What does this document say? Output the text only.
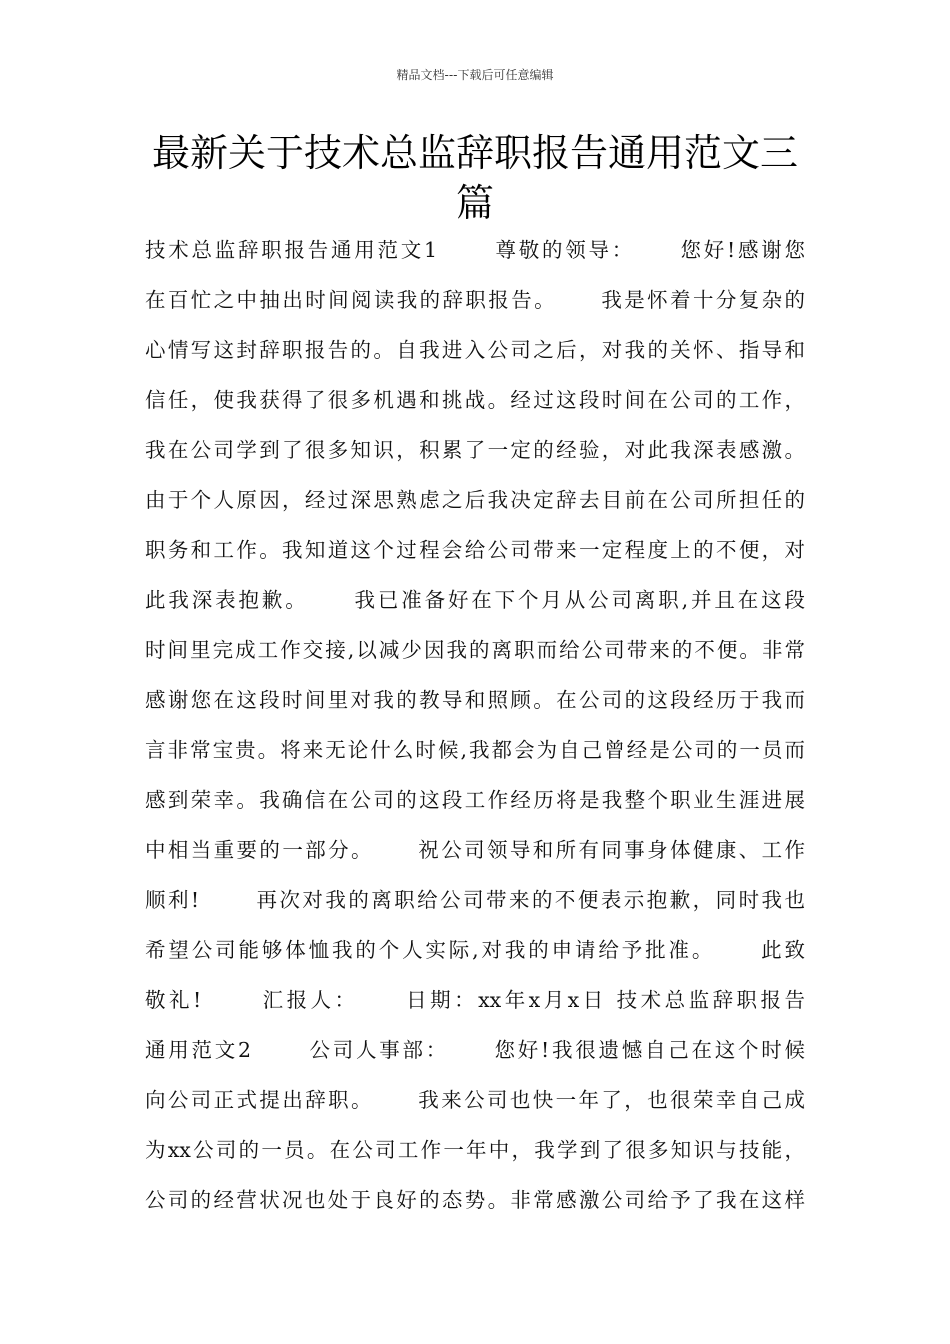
精品文档---下载后可任意编辑
最新关于技术总监辞职报告通用范文三篇
技术总监辞职报告通用范文1　　 尊敬的领导：　　 您好!感谢您
在百忙之中抽出时间阅读我的辞职报告。　　 我是怀着十分复杂的
心情写这封辞职报告的。自我进入公司之后，对我的关怀、指导和
信任，使我获得了很多机遇和挑战。经过这段时间在公司的工作，
我在公司学到了很多知识，积累了一定的经验，对此我深表感激。
由于个人原因，经过深思熟虑之后我决定辞去目前在公司所担任的
职务和工作。我知道这个过程会给公司带来一定程度上的不便，对
此我深表抱歉。　　 我已准备好在下个月从公司离职,并且在这段
时间里完成工作交接,以减少因我的离职而给公司带来的不便。非常
感谢您在这段时间里对我的教导和照顾。在公司的这段经历于我而
言非常宝贵。将来无论什么时候,我都会为自己曾经是公司的一员而
感到荣幸。我确信在公司的这段工作经历将是我整个职业生涯进展
中相当重要的一部分。　　 祝公司领导和所有同事身体健康、工作
顺利!　　 再次对我的离职给公司带来的不便表示抱歉，同时我也
希望公司能够体恤我的个人实际,对我的申请给予批准。　　 此致
敬礼!　　 汇报人：　　 日期：xx年x月x日 技术总监辞职报告
通用范文2　　 公司人事部：　　 您好!我很遗憾自己在这个时候
向公司正式提出辞职。　　 我来公司也快一年了，也很荣幸自己成
为xx公司的一员。在公司工作一年中，我学到了很多知识与技能，
公司的经营状况也处于良好的态势。非常感激公司给予了我在这样
